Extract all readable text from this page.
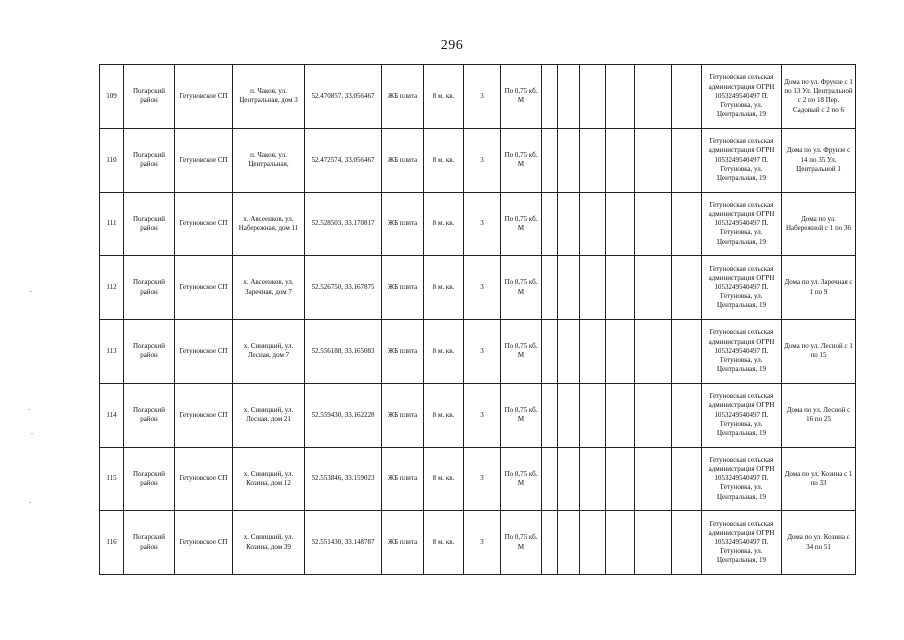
296
109	Погарский район	Гетуновское СП	п. Чаков, ул. Центральная, дом 3	52.470857, 33.056467	ЖБ плита	8 м. кв.	3	По 0,75 кб. М							Гетуновская сельская администрация ОГРН 1053249540497 П. Гетуновка, ул. Центральная, 19	Дома по ул. Фрунзе с 1 по 13 Ул. Центральной с 2 по 18 Пер. Садовый с 2 по 6
110	Погарский район	Гетуновское СП	п. Чаков, ул. Центральная,	52.472574, 33.056467	ЖБ плита	8 м. кв.	3	По 0,75 кб. М							Гетуновская сельская администрация ОГРН 1053249540497 П. Гетуновка, ул. Центральная, 19	Дома по ул. Фрунзе с 14 по 35 Ул. Центральной 1
111	Погарский район	Гетуновское СП	х. Авсеенков, ул. Набережная, дом 11	52.528503, 33.170817	ЖБ плита	8 м. кв.	3	По 0,75 кб. М							Гетуновская сельская администрация ОГРН 1053249540497 П. Гетуновка, ул. Центральная, 19	Дома по ул. Набережной с 1 по 36
112	Погарский район	Гетуновское СП	х. Авсеенков, ул. Заречная, дом 7	52.526750, 33.167875	ЖБ плита	8 м. кв.	3	По 0,75 кб. М							Гетуновская сельская администрация ОГРН 1053249540497 П. Гетуновка, ул. Центральная, 19	Дома по ул. Заречная с 1 по 9
113	Погарский район	Гетуновское СП	х. Синицкий, ул. Лесная, дом 7	52.556188, 33.165083	ЖБ плита	8 м. кв.	3	По 0,75 кб. М							Гетуновская сельская администрация ОГРН 1053249540497 П. Гетуновка, ул. Центральная, 19	Дома по ул. Лесной с 1 по 15
114	Погарский район	Гетуновское СП	х. Синицкий, ул. Лесная, дом 21	52.559430, 33.162228	ЖБ плита	8 м. кв.	3	По 0,75 кб. М							Гетуновская сельская администрация ОГРН 1053249540497 П. Гетуновка, ул. Центральная, 19	Дома по ул. Лесной с 16 по 25
115	Погарский район	Гетуновское СП	х. Синицкий, ул. Козина, дом 12	52.553846, 33.159023	ЖБ плита	8 м. кв.	3	По 0,75 кб. М							Гетуновская сельская администрация ОГРН 1053249540497 П. Гетуновка, ул. Центральная, 19	Дома по ул. Козина с 1 по 33
116	Погарский район	Гетуновское СП	х. Синицкий, ул. Козина, дом 39	52.551430, 33.148787	ЖБ плита	8 м. кв.	3	По 0,75 кб. М							Гетуновская сельская администрация ОГРН 1053249540497 П. Гетуновка, ул. Центральная, 19	Дома по ул. Козина с 34 по 51
